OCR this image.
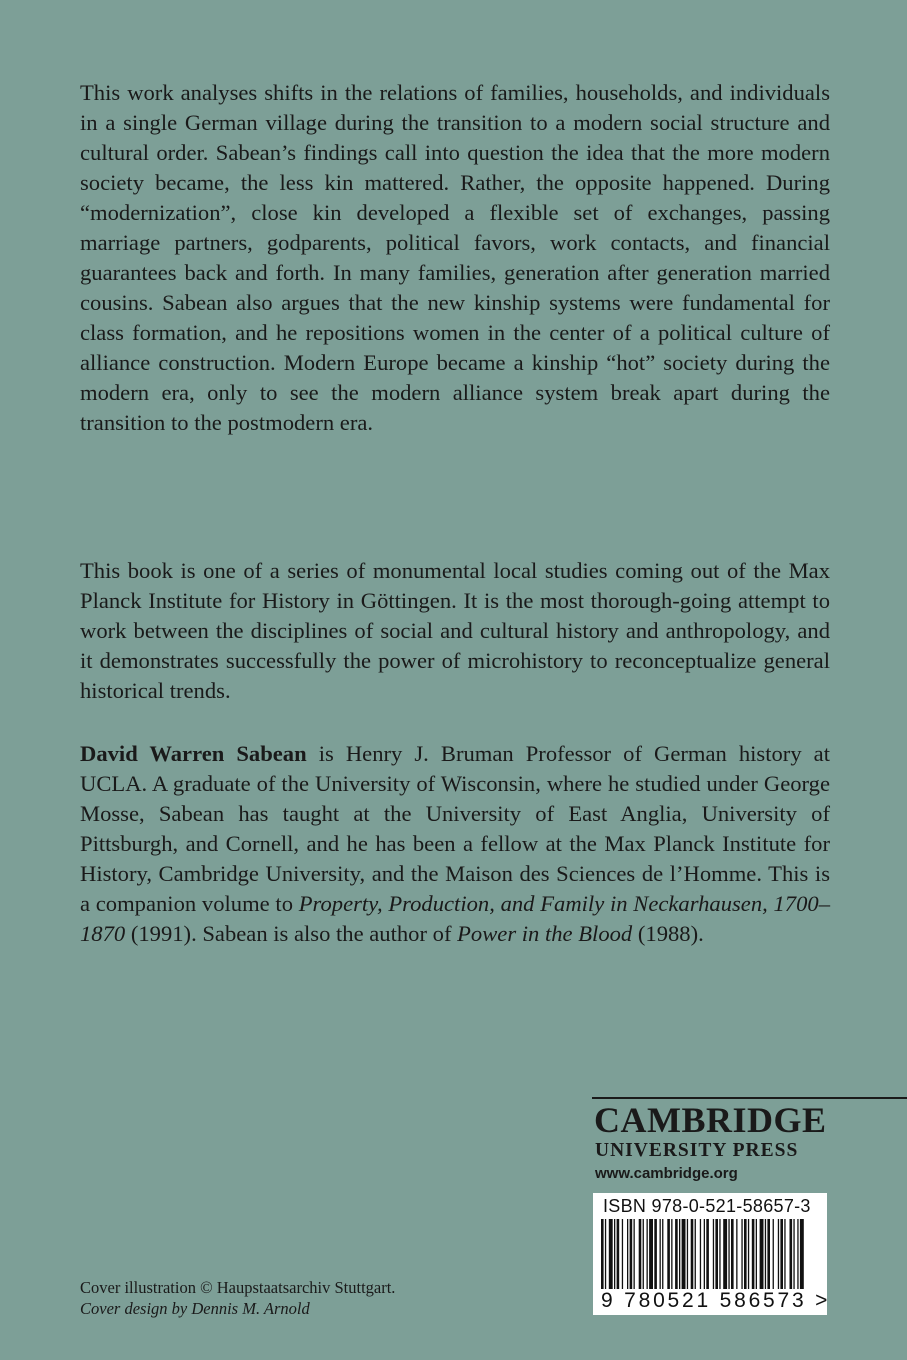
This work analyses shifts in the relations of families, households, and individuals in a single German village during the transition to a modern social structure and cultural order. Sabean’s findings call into question the idea that the more modern society became, the less kin mattered. Rather, the opposite happened. During “modernization”, close kin developed a flexible set of exchanges, passing marriage partners, godparents, political favors, work contacts, and financial guarantees back and forth. In many families, generation after generation married cousins. Sabean also argues that the new kinship systems were fundamental for class formation, and he repositions women in the center of a political culture of alliance construction. Modern Europe became a kinship “hot” society during the modern era, only to see the modern alliance system break apart during the transition to the postmodern era.

This book is one of a series of monumental local studies coming out of the Max Planck Institute for History in Göttingen. It is the most thorough-going attempt to work between the disciplines of social and cultural history and anthropology, and it demonstrates successfully the power of microhistory to reconceptualize general historical trends.

David Warren Sabean is Henry J. Bruman Professor of German history at UCLA. A graduate of the University of Wisconsin, where he studied under George Mosse, Sabean has taught at the University of East Anglia, University of Pittsburgh, and Cornell, and he has been a fellow at the Max Planck Institute for History, Cambridge University, and the Maison des Sciences de l’Homme. This is a companion volume to Property, Production, and Family in Neckarhausen, 1700–1870 (1991). Sabean is also the author of Power in the Blood (1988).

CAMBRIDGE
UNIVERSITY PRESS
www.cambridge.org
ISBN 978-0-521-58657-3
9 780521 586573 >
Cover illustration © Haupstaatsarchiv Stuttgart.
Cover design by Dennis M. Arnold
